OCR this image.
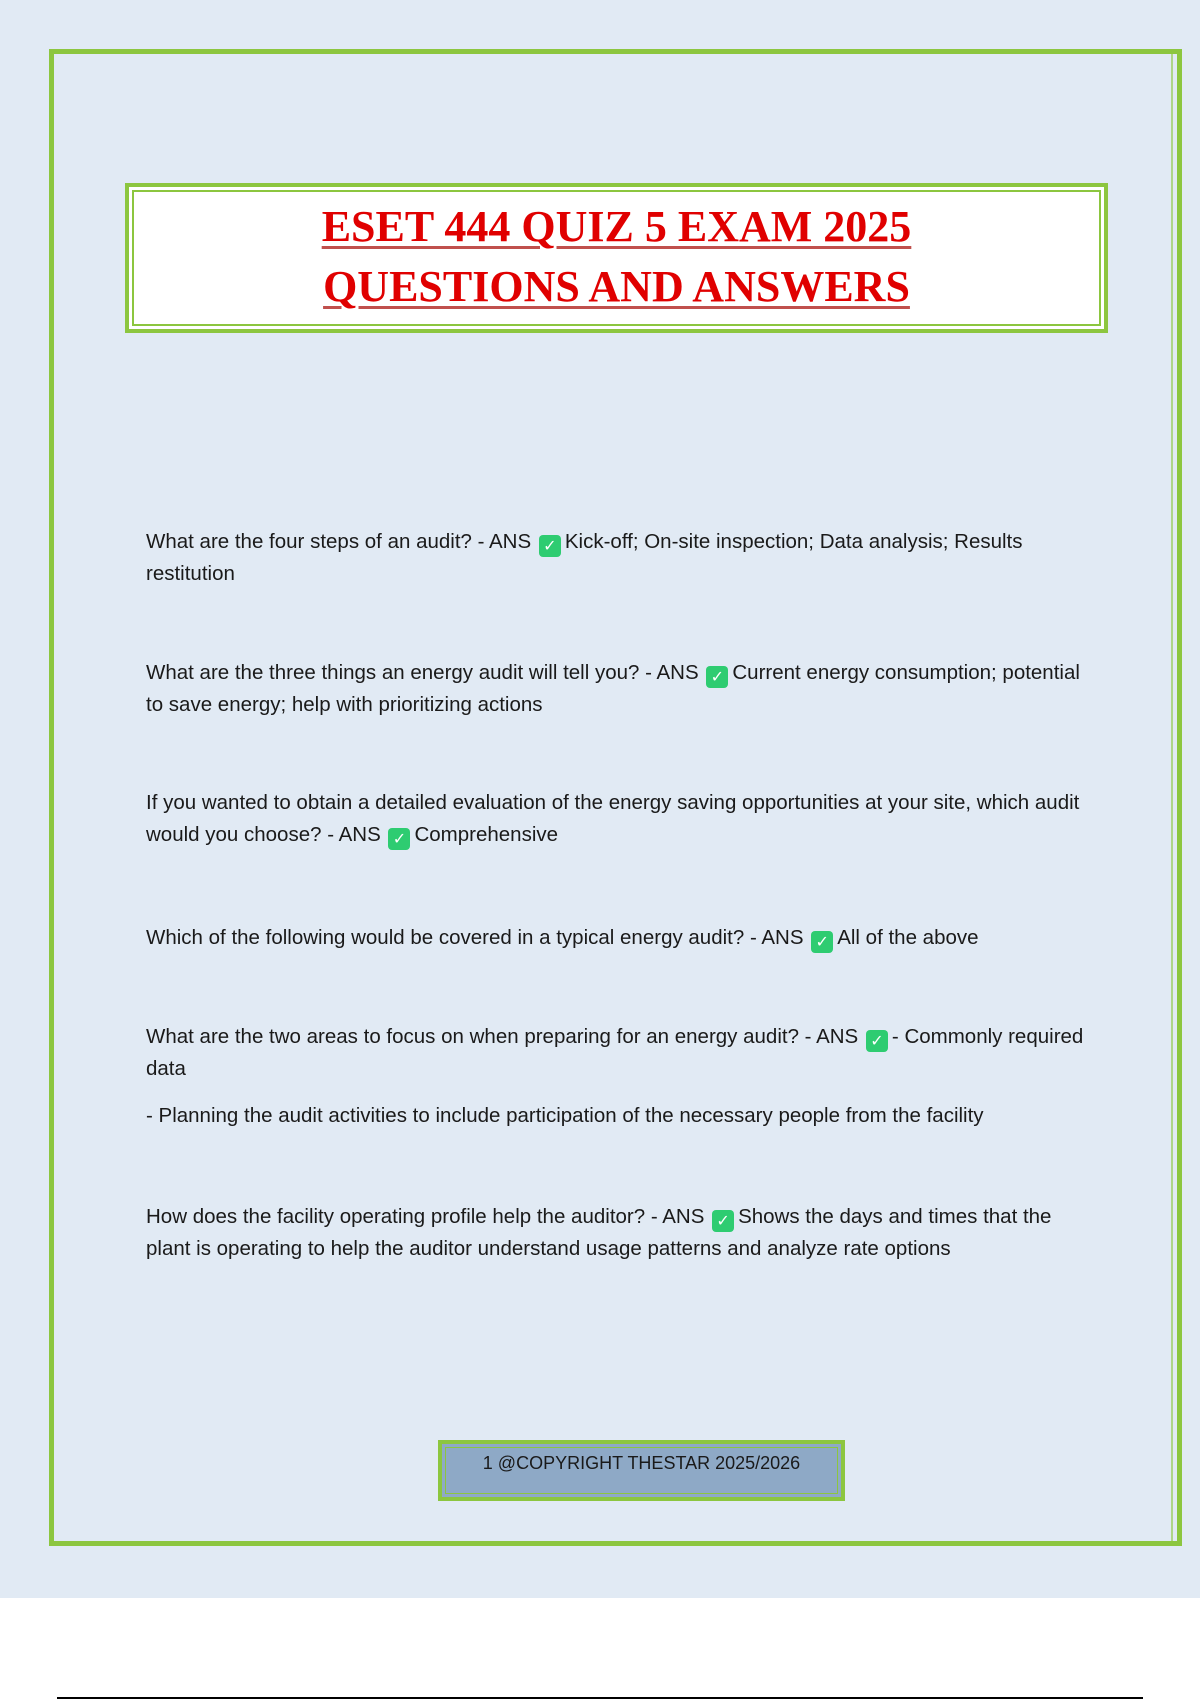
ESET 444 QUIZ 5 EXAM 2025
QUESTIONS AND ANSWERS

What are the four steps of an audit? - ANS ✓ Kick-off; On-site inspection; Data analysis; Results restitution

What are the three things an energy audit will tell you? - ANS ✓ Current energy consumption; potential to save energy; help with prioritizing actions

If you wanted to obtain a detailed evaluation of the energy saving opportunities at your site, which audit would you choose? - ANS ✓ Comprehensive

Which of the following would be covered in a typical energy audit? - ANS ✓ All of the above

What are the two areas to focus on when preparing for an energy audit? - ANS ✓ - Commonly required data

- Planning the audit activities to include participation of the necessary people from the facility

How does the facility operating profile help the auditor? - ANS ✓ Shows the days and times that the plant is operating to help the auditor understand usage patterns and analyze rate options

1 @COPYRIGHT THESTAR 2025/2026
